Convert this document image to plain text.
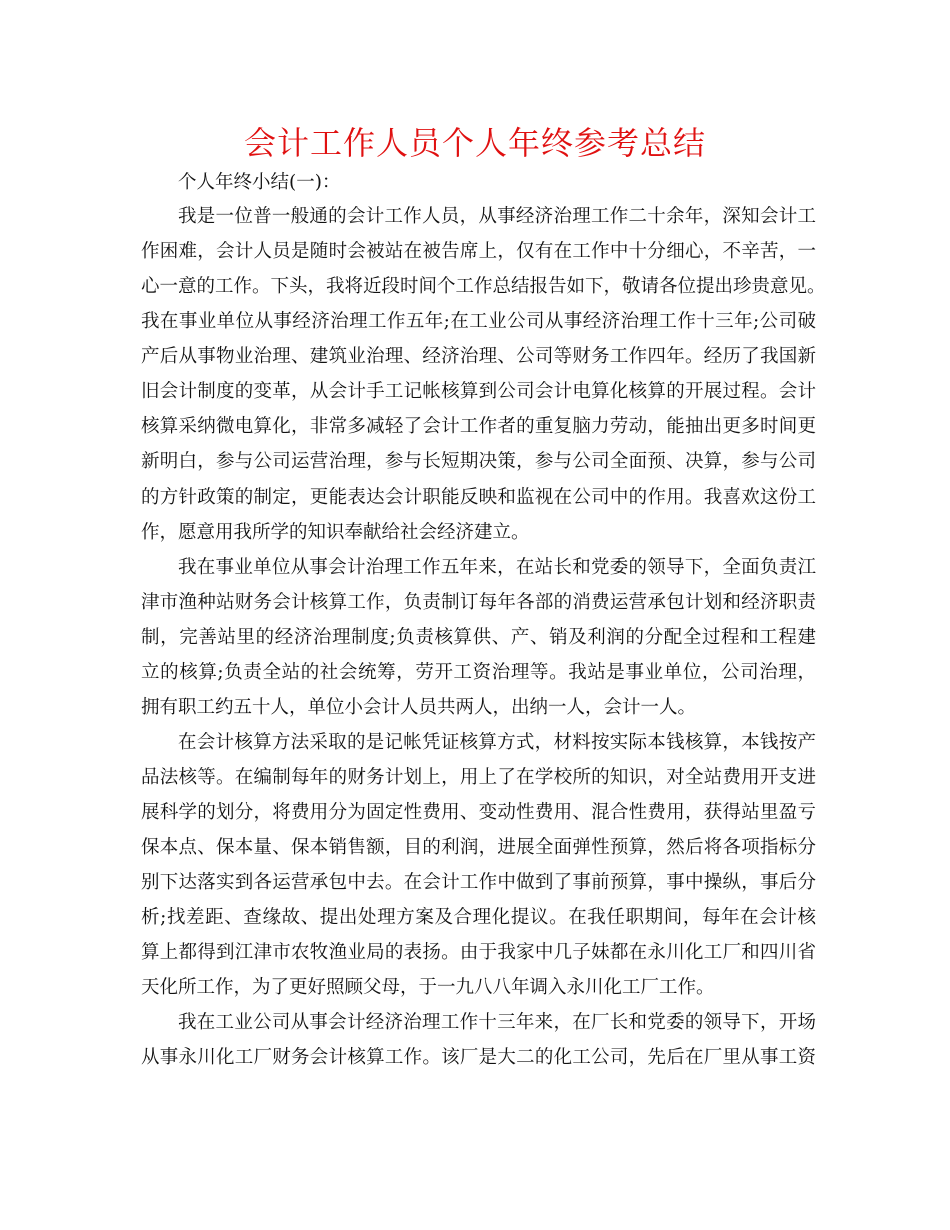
会计工作人员个人年终参考总结
个人年终小结(一)：
我是一位普一般通的会计工作人员，从事经济治理工作二十余年，深知会计工
作困难，会计人员是随时会被站在被告席上，仅有在工作中十分细心，不辛苦，一
心一意的工作。下头，我将近段时间个工作总结报告如下，敬请各位提出珍贵意见。
我在事业单位从事经济治理工作五年;在工业公司从事经济治理工作十三年;公司破
产后从事物业治理、建筑业治理、经济治理、公司等财务工作四年。经历了我国新
旧会计制度的变革，从会计手工记帐核算到公司会计电算化核算的开展过程。会计
核算采纳微电算化，非常多减轻了会计工作者的重复脑力劳动，能抽出更多时间更
新明白，参与公司运营治理，参与长短期决策，参与公司全面预、决算，参与公司
的方针政策的制定，更能表达会计职能反映和监视在公司中的作用。我喜欢这份工
作，愿意用我所学的知识奉献给社会经济建立。
我在事业单位从事会计治理工作五年来，在站长和党委的领导下，全面负责江
津市渔种站财务会计核算工作，负责制订每年各部的消费运营承包计划和经济职责
制，完善站里的经济治理制度;负责核算供、产、销及利润的分配全过程和工程建
立的核算;负责全站的社会统筹，劳开工资治理等。我站是事业单位，公司治理，
拥有职工约五十人，单位小会计人员共两人，出纳一人，会计一人。
在会计核算方法采取的是记帐凭证核算方式，材料按实际本钱核算，本钱按产
品法核等。在编制每年的财务计划上，用上了在学校所的知识，对全站费用开支进
展科学的划分，将费用分为固定性费用、变动性费用、混合性费用，获得站里盈亏
保本点、保本量、保本销售额，目的利润，进展全面弹性预算，然后将各项指标分
别下达落实到各运营承包中去。在会计工作中做到了事前预算，事中操纵，事后分
析;找差距、查缘故、提出处理方案及合理化提议。在我任职期间，每年在会计核
算上都得到江津市农牧渔业局的表扬。由于我家中几子妹都在永川化工厂和四川省
天化所工作，为了更好照顾父母，于一九八八年调入永川化工厂工作。
我在工业公司从事会计经济治理工作十三年来，在厂长和党委的领导下，开场
从事永川化工厂财务会计核算工作。该厂是大二的化工公司，先后在厂里从事工资
